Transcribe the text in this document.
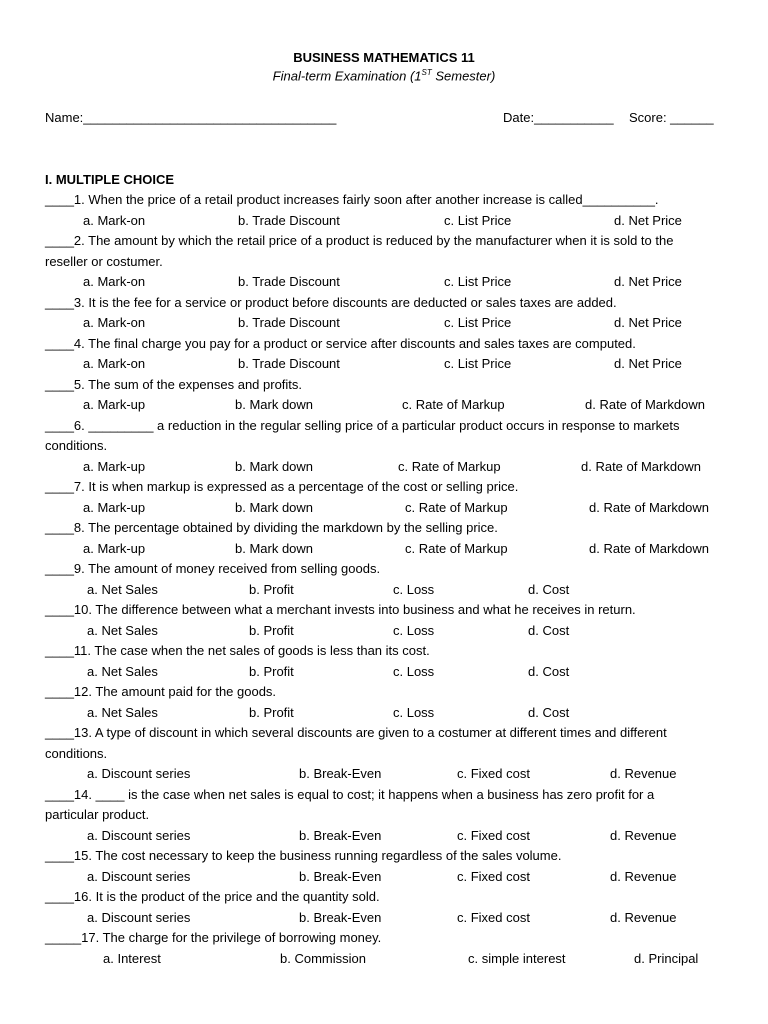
BUSINESS MATHEMATICS 11
Final-term Examination (1ST Semester)
Name:___________________________________	Date:___________ Score: ______
I. MULTIPLE CHOICE
____1. When the price of a retail product increases fairly soon after another increase is called__________.
a. Mark-on	b. Trade Discount	c. List Price	d. Net Price
____2. The amount by which the retail price of a product is reduced by the manufacturer when it is sold to the
reseller or costumer.
a. Mark-on	b. Trade Discount	c. List Price	d. Net Price
____3. It is the fee for a service or product before discounts are deducted or sales taxes are added.
a. Mark-on	b. Trade Discount	c. List Price	d. Net Price
____4. The final charge you pay for a product or service after discounts and sales taxes are computed.
a. Mark-on	b. Trade Discount	c. List Price	d. Net Price
____5. The sum of the expenses and profits.
a. Mark-up	b. Mark down	c. Rate of Markup	d. Rate of Markdown
____6. _________ a reduction in the regular selling price of a particular product occurs in response to markets
conditions.
a. Mark-up	b. Mark down	c. Rate of Markup	d. Rate of Markdown
____7. It is when markup is expressed as a percentage of the cost or selling price.
a. Mark-up	b. Mark down	c. Rate of Markup	d. Rate of Markdown
____8. The percentage obtained by dividing the markdown by the selling price.
a. Mark-up	b. Mark down	c. Rate of Markup	d. Rate of Markdown
____9. The amount of money received from selling goods.
a. Net Sales	b. Profit	c. Loss	d. Cost
____10. The difference between what a merchant invests into business and what he receives in return.
a. Net Sales	b. Profit	c. Loss	d. Cost
____11. The case when the net sales of goods is less than its cost.
a. Net Sales	b. Profit	c. Loss	d. Cost
____12. The amount paid for the goods.
a. Net Sales	b. Profit	c. Loss	d. Cost
____13. A type of discount in which several discounts are given to a costumer at different times and different
conditions.
a. Discount series	b. Break-Even	c. Fixed cost	d. Revenue
____14. ____ is the case when net sales is equal to cost; it happens when a business has zero profit for a
particular product.
a. Discount series	b. Break-Even	c. Fixed cost	d. Revenue
____15. The cost necessary to keep the business running regardless of the sales volume.
a. Discount series	b. Break-Even	c. Fixed cost	d. Revenue
____16. It is the product of the price and the quantity sold.
a. Discount series	b. Break-Even	c. Fixed cost	d. Revenue
_____17. The charge for the privilege of borrowing money.
a. Interest	b. Commission	c. simple interest	d. Principal
